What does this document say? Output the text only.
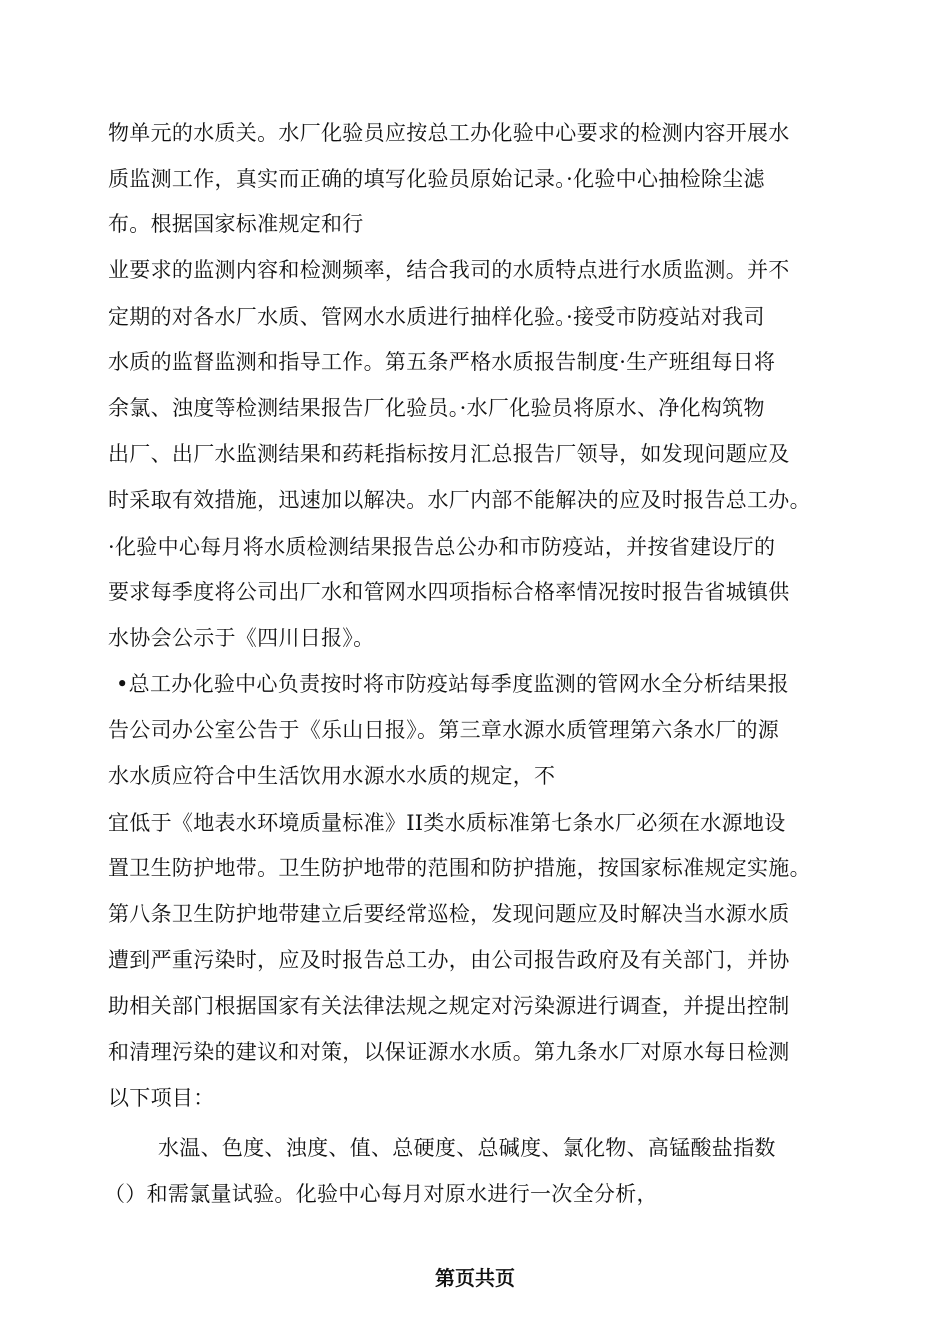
物单元的水质关。水厂化验员应按总工办化验中心要求的检测内容开展水
质监测工作，真实而正确的填写化验员原始记录。·化验中心抽检除尘滤
布。根据国家标准规定和行
业要求的监测内容和检测频率，结合我司的水质特点进行水质监测。并不
定期的对各水厂水质、管网水水质进行抽样化验。·接受市防疫站对我司
水质的监督监测和指导工作。第五条严格水质报告制度·生产班组每日将
余氯、浊度等检测结果报告厂化验员。·水厂化验员将原水、净化构筑物
出厂、出厂水监测结果和药耗指标按月汇总报告厂领导，如发现问题应及
时采取有效措施，迅速加以解决。水厂内部不能解决的应及时报告总工办。
·化验中心每月将水质检测结果报告总公办和市防疫站，并按省建设厅的
要求每季度将公司出厂水和管网水四项指标合格率情况按时报告省城镇供
水协会公示于《四川日报》。
•总工办化验中心负责按时将市防疫站每季度监测的管网水全分析结果报
告公司办公室公告于《乐山日报》。第三章水源水质管理第六条水厂的源
水水质应符合中生活饮用水源水水质的规定，不
宜低于《地表水环境质量标准》II类水质标准第七条水厂必须在水源地设
置卫生防护地带。卫生防护地带的范围和防护措施，按国家标准规定实施。
第八条卫生防护地带建立后要经常巡检，发现问题应及时解决当水源水质
遭到严重污染时，应及时报告总工办，由公司报告政府及有关部门，并协
助相关部门根据国家有关法律法规之规定对污染源进行调查，并提出控制
和清理污染的建议和对策，以保证源水水质。第九条水厂对原水每日检测
以下项目：
水温、色度、浊度、值、总硬度、总碱度、氯化物、高锰酸盐指数
（）和需氯量试验。化验中心每月对原水进行一次全分析，
第页共页
